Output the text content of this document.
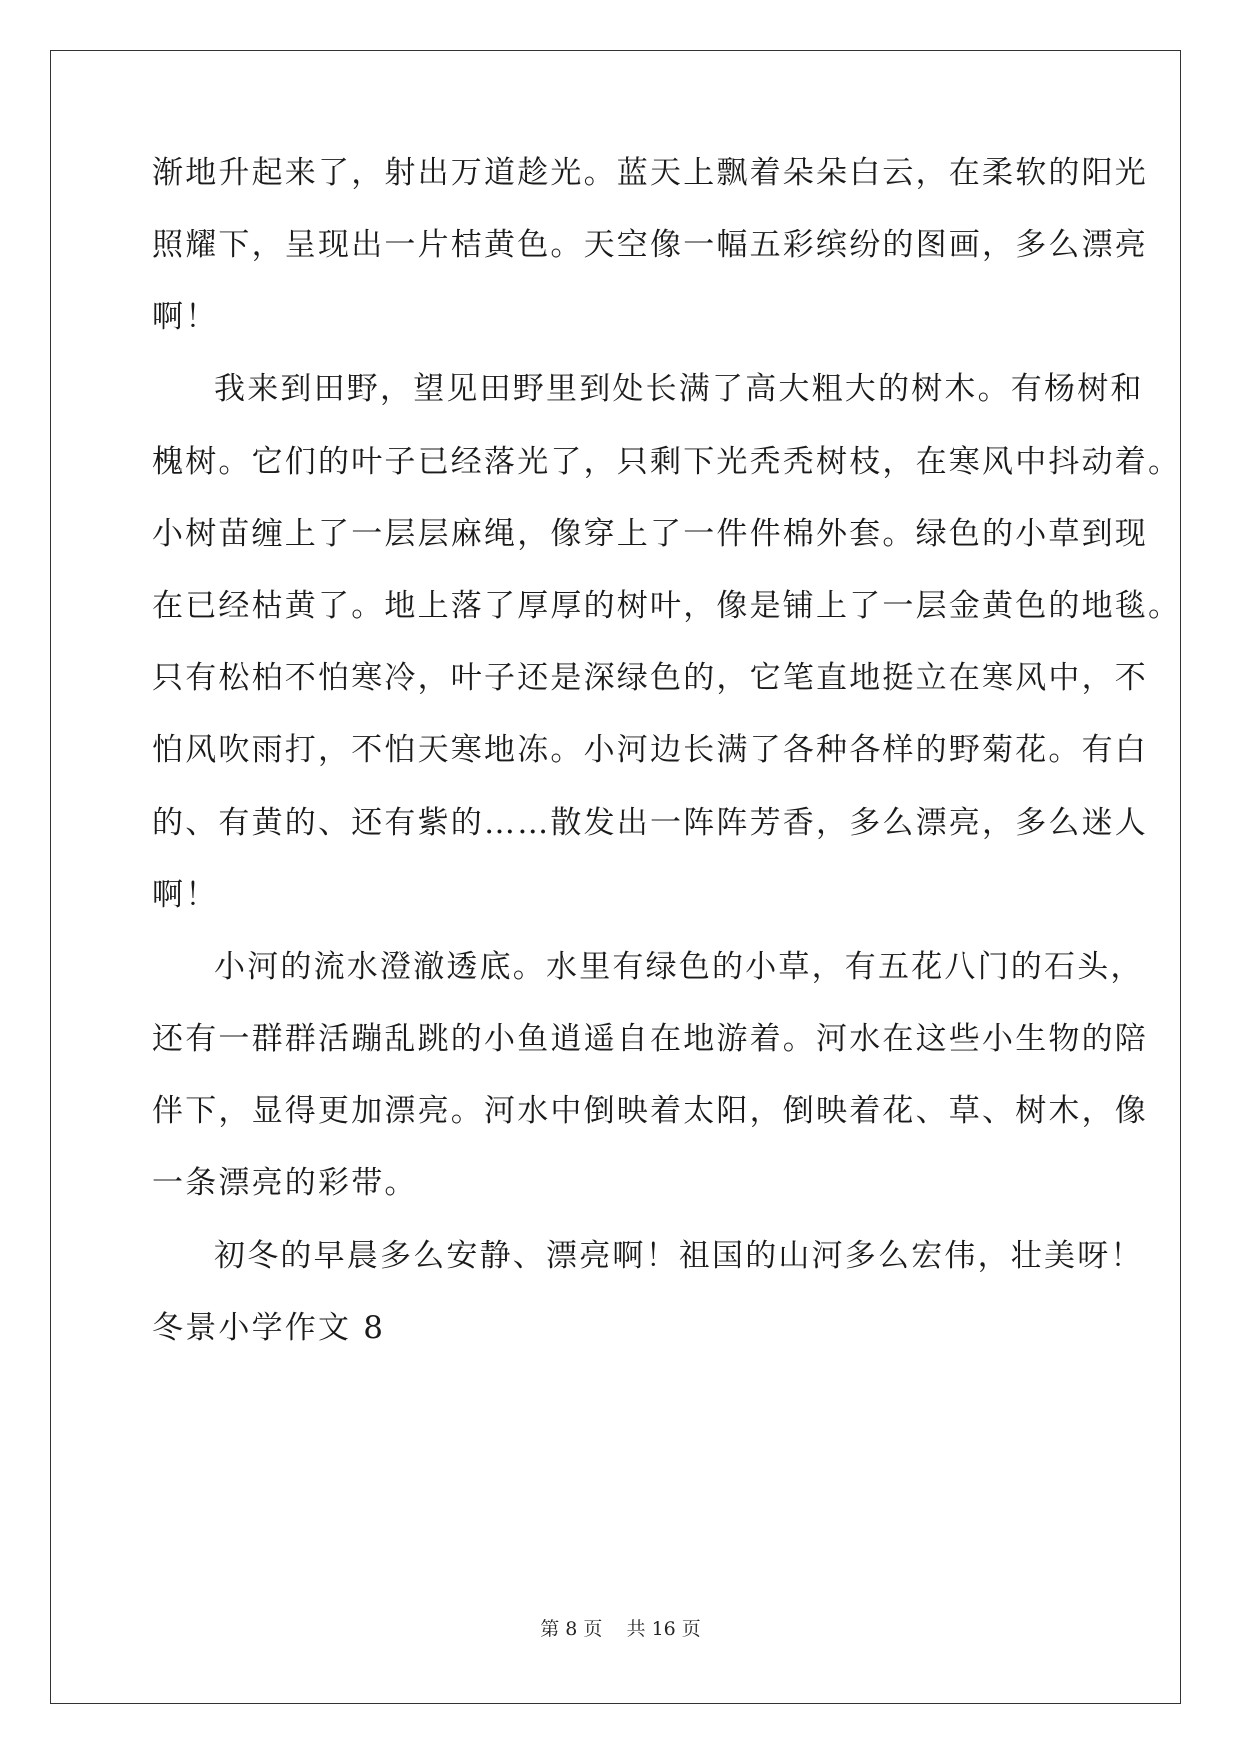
渐地升起来了，射出万道趁光。蓝天上飘着朵朵白云，在柔软的阳光
照耀下，呈现出一片桔黄色。天空像一幅五彩缤纷的图画，多么漂亮
啊！
我来到田野，望见田野里到处长满了高大粗大的树木。有杨树和
槐树。它们的叶子已经落光了，只剩下光秃秃树枝，在寒风中抖动着。
小树苗缠上了一层层麻绳，像穿上了一件件棉外套。绿色的小草到现
在已经枯黄了。地上落了厚厚的树叶，像是铺上了一层金黄色的地毯。
只有松柏不怕寒冷，叶子还是深绿色的，它笔直地挺立在寒风中，不
怕风吹雨打，不怕天寒地冻。小河边长满了各种各样的野菊花。有白
的、有黄的、还有紫的……散发出一阵阵芳香，多么漂亮，多么迷人
啊！
小河的流水澄澈透底。水里有绿色的小草，有五花八门的石头，
还有一群群活蹦乱跳的小鱼逍遥自在地游着。河水在这些小生物的陪
伴下，显得更加漂亮。河水中倒映着太阳，倒映着花、草、树木，像
一条漂亮的彩带。
初冬的早晨多么安静、漂亮啊！祖国的山河多么宏伟，壮美呀！
冬景小学作文 8
第 8 页 共 16 页
